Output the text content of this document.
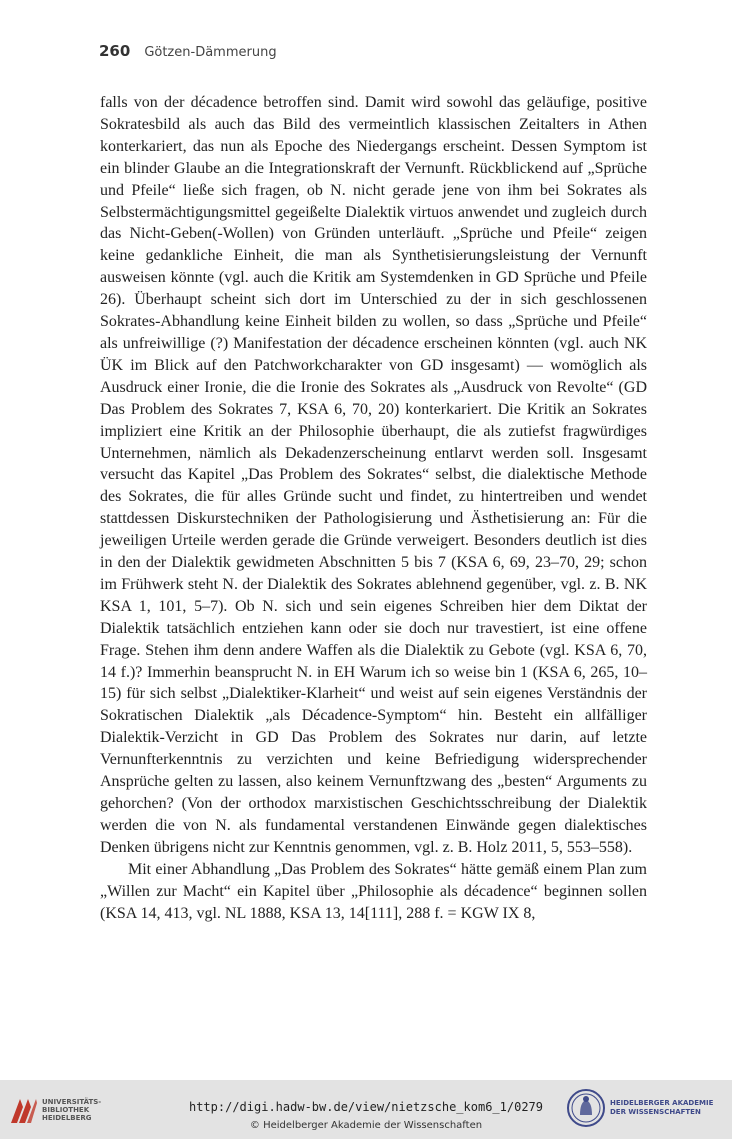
260 Götzen-Dämmerung

falls von der décadence betroffen sind. Damit wird sowohl das geläufige, positive Sokratesbild als auch das Bild des vermeintlich klassischen Zeitalters in Athen konterkariert, das nun als Epoche des Niedergangs erscheint. Dessen Symptom ist ein blinder Glaube an die Integrationskraft der Vernunft. Rückblickend auf „Sprüche und Pfeile“ ließe sich fragen, ob N. nicht gerade jene von ihm bei Sokrates als Selbstermächtigungsmittel gegeißelte Dialektik virtuos anwendet und zugleich durch das Nicht-Geben(-Wollen) von Gründen unterläuft. „Sprüche und Pfeile“ zeigen keine gedankliche Einheit, die man als Synthetisierungsleistung der Vernunft ausweisen könnte (vgl. auch die Kritik am Systemdenken in GD Sprüche und Pfeile 26). Überhaupt scheint sich dort im Unterschied zu der in sich geschlossenen Sokrates-Abhandlung keine Einheit bilden zu wollen, so dass „Sprüche und Pfeile“ als unfreiwillige (?) Manifestation der décadence erscheinen könnten (vgl. auch NK ÜK im Blick auf den Patchworkcharakter von GD insgesamt) — womöglich als Ausdruck einer Ironie, die die Ironie des Sokrates als „Ausdruck von Revolte“ (GD Das Problem des Sokrates 7, KSA 6, 70, 20) konterkariert. Die Kritik an Sokrates impliziert eine Kritik an der Philosophie überhaupt, die als zutiefst fragwürdiges Unternehmen, nämlich als Dekadenzerscheinung entlarvt werden soll. Insgesamt versucht das Kapitel „Das Problem des Sokrates“ selbst, die dialektische Methode des Sokrates, die für alles Gründe sucht und findet, zu hintertreiben und wendet stattdessen Diskurstechniken der Pathologisierung und Ästhetisierung an: Für die jeweiligen Urteile werden gerade die Gründe verweigert. Besonders deutlich ist dies in den der Dialektik gewidmeten Abschnitten 5 bis 7 (KSA 6, 69, 23–70, 29; schon im Frühwerk steht N. der Dialektik des Sokrates ablehnend gegenüber, vgl. z. B. NK KSA 1, 101, 5–7). Ob N. sich und sein eigenes Schreiben hier dem Diktat der Dialektik tatsächlich entziehen kann oder sie doch nur travestiert, ist eine offene Frage. Stehen ihm denn andere Waffen als die Dialektik zu Gebote (vgl. KSA 6, 70, 14 f.)? Immerhin beansprucht N. in EH Warum ich so weise bin 1 (KSA 6, 265, 10–15) für sich selbst „Dialektiker-Klarheit“ und weist auf sein eigenes Verständnis der Sokratischen Dialektik „als Décadence-Symptom“ hin. Besteht ein allfälliger Dialektik-Verzicht in GD Das Problem des Sokrates nur darin, auf letzte Vernunfterkenntnis zu verzichten und keine Befriedigung widersprechender Ansprüche gelten zu lassen, also keinem Vernunftzwang des „besten“ Arguments zu gehorchen? (Von der orthodox marxistischen Geschichtsschreibung der Dialektik werden die von N. als fundamental verstandenen Einwände gegen dialektisches Denken übrigens nicht zur Kenntnis genommen, vgl. z. B. Holz 2011, 5, 553–558).

Mit einer Abhandlung „Das Problem des Sokrates“ hätte gemäß einem Plan zum „Willen zur Macht“ ein Kapitel über „Philosophie als décadence“ beginnen sollen (KSA 14, 413, vgl. NL 1888, KSA 13, 14[111], 288 f. = KGW IX 8,

UNIVERSITÄTS-
BIBLIOTHEK
HEIDELBERG
http://digi.hadw-bw.de/view/nietzsche_kom6_1/0279
© Heidelberger Akademie der Wissenschaften
HEIDELBERGER AKADEMIE
DER WISSENSCHAFTEN
